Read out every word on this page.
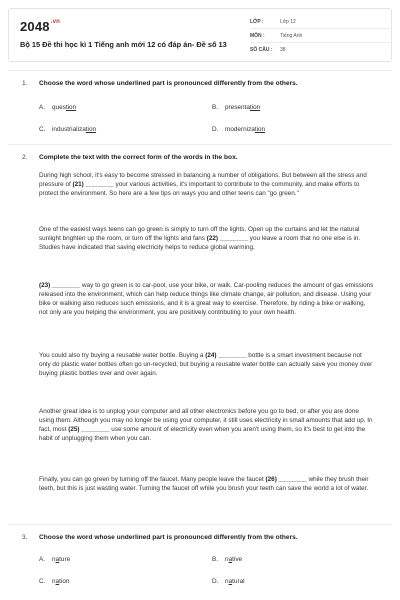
$2048^{.vn}$
Bộ 15 Đề thi học kì 1 Tiếng anh mới 12 có đáp án- Đề số 13
LỚP :	Lớp 12
MÔN :	Tiếng Anh
SỐ CÂU :	38
1. Choose the word whose underlined part is pronounced differently from the others.
A. question	B. presentation
C. industrialization	D. modernization
2. Complete the text with the correct form of the words in the box.
During high school, it's easy to become stressed in balancing a number of obligations. But between all the stress and pressure of (21) ________ your various activities, it's important to contribute to the community, and make efforts to protect the environment. So here are a few tips on ways you and other teens can "go green."
One of the easiest ways teens can go green is simply to turn off the lights. Open up the curtains and let the natural sunlight brighten up the room, or turn off the lights and fans (22) ________ you leave a room that no one else is in. Studies have indicated that saving electricity helps to reduce global warming.
(23) ________ way to go green is to car-pool, use your bike, or walk. Car-pooling reduces the amount of gas emissions released into the environment, which can help reduce things like climate change, air pollution, and disease. Using your bike or walking also reduces such emissions, and it is a great way to exercise. Therefore, by riding a bike or walking, not only are you helping the environment, you are positively contributing to your own health.
You could also try buying a reusable water bottle. Buying a (24) ________ bottle is a smart investment because not only do plastic water bottles often go un-recycled, but buying a reusable water bottle can actually save you money over buying plastic bottles over and over again.
Another great idea is to unplug your computer and all other electronics before you go to bed, or after you are done using them. Although you may no longer be using your computer, it still uses electricity in small amounts that add up. In fact, most (25) ________ use some amount of electricity even when you aren't using them, so it's best to get into the habit of unplugging them when you can.
Finally, you can go green by turning off the faucet. Many people leave the faucet (26) ________ while they brush their teeth, but this is just wasting water. Turning the faucet off while you brush your teeth can save the world a lot of water.
3. Choose the word whose underlined part is pronounced differently from the others.
A. nature	B. native
C. nation	D. natural
